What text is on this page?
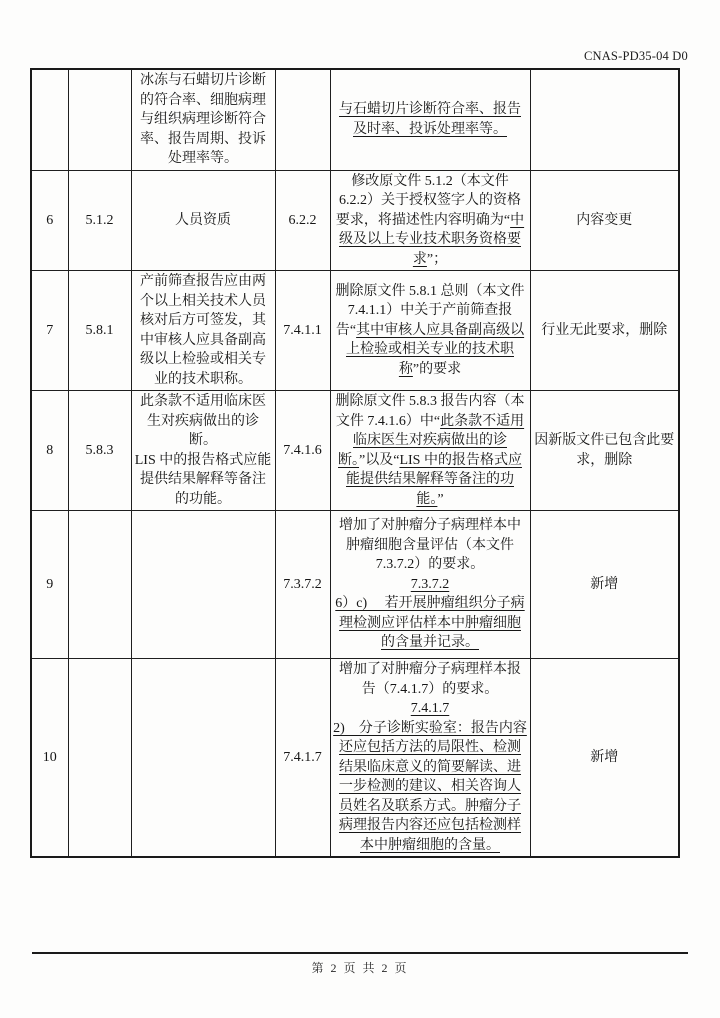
CNAS-PD35-04 D0

		冰冻与石蜡切片诊断的符合率、细胞病理与组织病理诊断符合率、报告周期、投诉处理率等。		与石蜡切片诊断符合率、报告及时率、投诉处理率等。	

6	5.1.2	人员资质	6.2.2	修改原文件 5.1.2（本文件 6.2.2）关于授权签字人的资格要求，将描述性内容明确为“中级及以上专业技术职务资格要求”；	内容变更
7	5.8.1	产前筛查报告应由两个以上相关技术人员核对后方可签发，其中审核人应具备副高级以上检验或相关专业的技术职称。	7.4.1.1	删除原文件 5.8.1 总则（本文件 7.4.1.1）中关于产前筛查报告“其中审核人应具备副高级以上检验或相关专业的技术职称”的要求	行业无此要求，删除
8	5.8.3	此条款不适用临床医生对疾病做出的诊断。
LIS 中的报告格式应能提供结果解释等备注的功能。	7.4.1.6	删除原文件 5.8.3 报告内容（本文件 7.4.1.6）中“此条款不适用临床医生对疾病做出的诊断。”以及“LIS 中的报告格式应能提供结果解释等备注的功能。”	因新版文件已包含此要求，删除
9			7.3.7.2	增加了对肿瘤分子病理样本中肿瘤细胞含量评估（本文件 7.3.7.2）的要求。
7.3.7.2
6）c)　 若开展肿瘤组织分子病理检测应评估样本中肿瘤细胞的含量并记录。	新增
10			7.4.1.7	增加了对肿瘤分子病理样本报告（7.4.1.7）的要求。
7.4.1.7
2)　分子诊断实验室：报告内容还应包括方法的局限性、检测结果临床意义的简要解读、进一步检测的建议、相关咨询人员姓名及联系方式。肿瘤分子病理报告内容还应包括检测样本中肿瘤细胞的含量。	新增
第 2 页 共 2 页
